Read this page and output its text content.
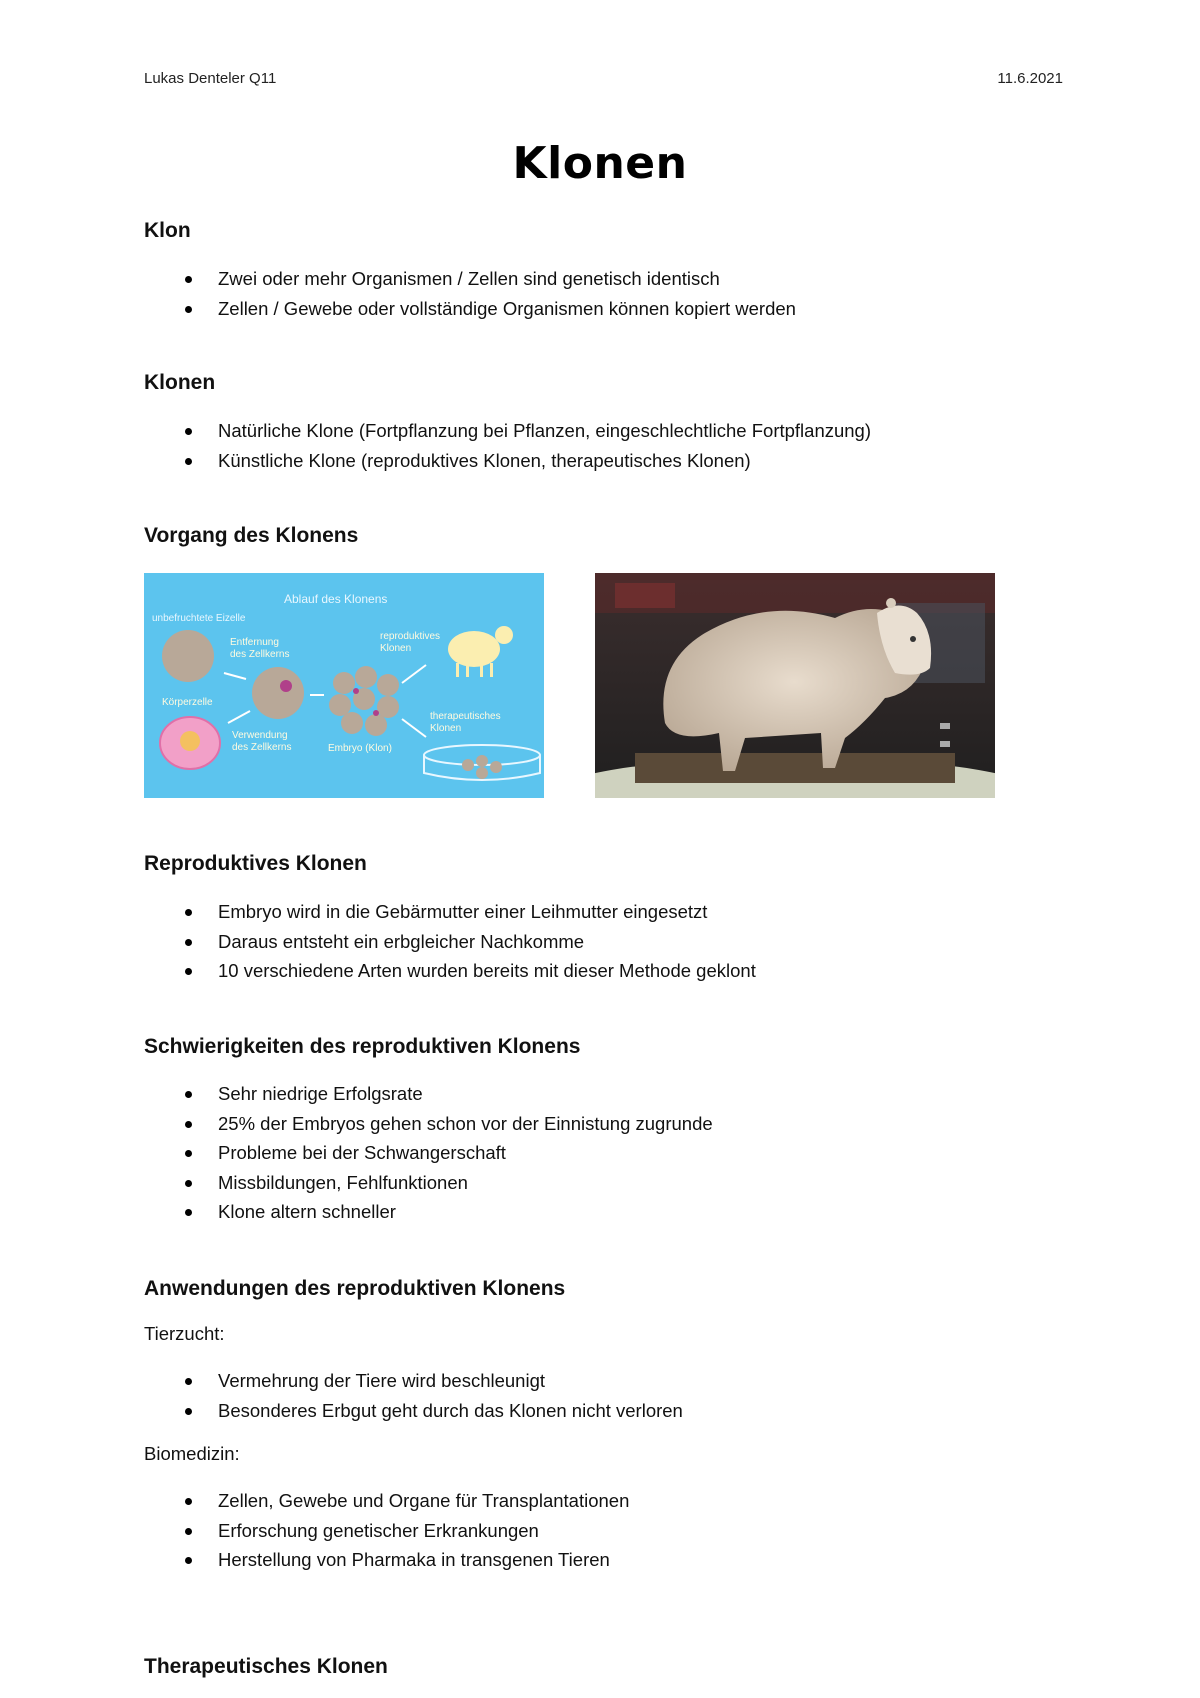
Lukas Denteler Q11	11.6.2021
Klonen
Klon
Zwei oder mehr Organismen / Zellen sind genetisch identisch
Zellen / Gewebe oder vollständige Organismen können kopiert werden
Klonen
Natürliche Klone (Fortpflanzung bei Pflanzen, eingeschlechtliche Fortpflanzung)
Künstliche Klone (reproduktives Klonen, therapeutisches Klonen)
Vorgang des Klonens
Ablauf des Klonens
unbefruchtete Eizelle
Entfernung
des Zellkerns
Körperzelle
Verwendung
des Zellkerns	Embryo (Klon)
reproduktives
Klonen
therapeutisches
Klonen
Reproduktives Klonen
Embryo wird in die Gebärmutter einer Leihmutter eingesetzt
Daraus entsteht ein erbgleicher Nachkomme
10 verschiedene Arten wurden bereits mit dieser Methode geklont
Schwierigkeiten des reproduktiven Klonens
Sehr niedrige Erfolgsrate
25% der Embryos gehen schon vor der Einnistung zugrunde
Probleme bei der Schwangerschaft
Missbildungen, Fehlfunktionen
Klone altern schneller
Anwendungen des reproduktiven Klonens
Tierzucht:
Vermehrung der Tiere wird beschleunigt
Besonderes Erbgut geht durch das Klonen nicht verloren
Biomedizin:
Zellen, Gewebe und Organe für Transplantationen
Erforschung genetischer Erkrankungen
Herstellung von Pharmaka in transgenen Tieren
Therapeutisches Klonen
